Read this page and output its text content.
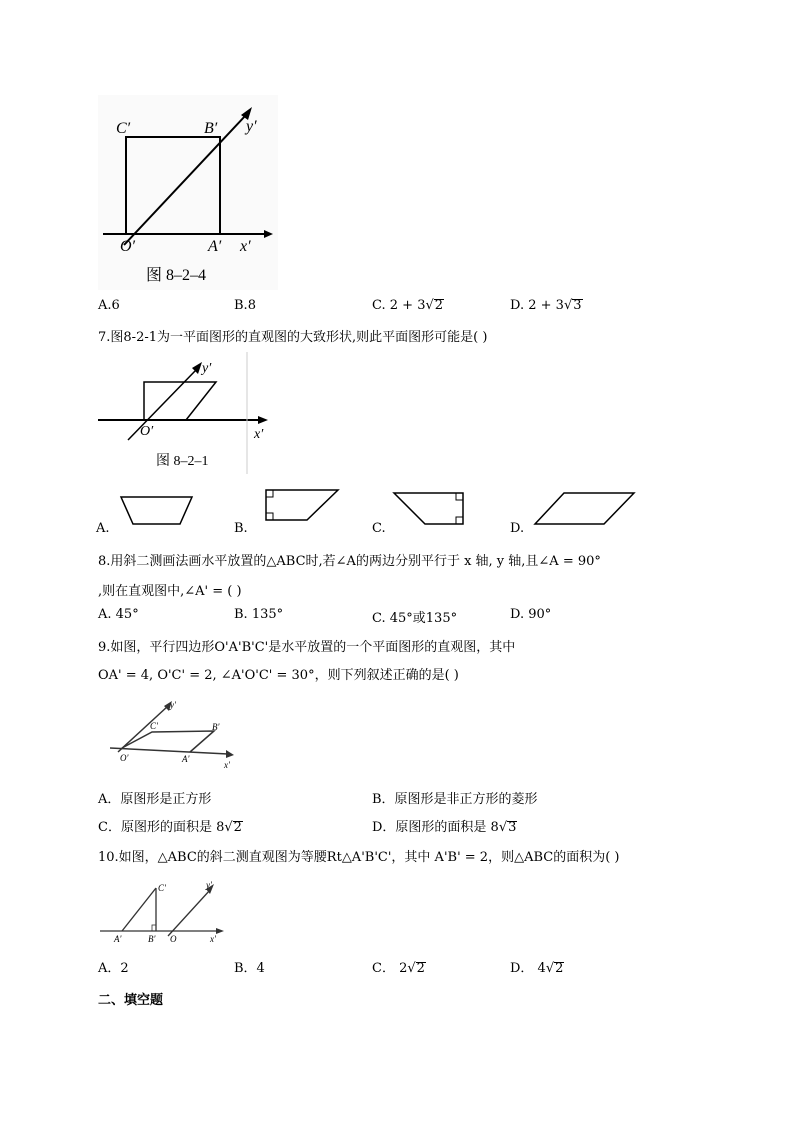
C′	B′ y′
O′	A′ x′
图 8–2–4
A.6	B.8	C. 2 + 3√2	D. 2 + 3√3
7.图8-2-1为一平面图形的直观图的大致形状,则此平面图形可能是( )
y′
O′	x′
图 8–2–1
A.	B.	C.	D.
8.用斜二测画法画水平放置的△ABC时,若∠A的两边分别平行于 x 轴, y 轴,且∠A = 90°
,则在直观图中,∠A' = ( )
A. 45°	B. 135°	C. 45°或135°	D. 90°
9.如图，平行四边形O'A'B'C'是水平放置的一个平面图形的直观图，其中
OA' = 4, O'C' = 2, ∠A'O'C' = 30°，则下列叙述正确的是( )
y'
C'	B'
O'	A'
x'
A．原图形是正方形	B．原图形是非正方形的菱形
C．原图形的面积是 8√2	D．原图形的面积是 8√3
10.如图，△ABC的斜二测直观图为等腰Rt△A'B'C'，其中 A'B' = 2，则△ABC的面积为( )
C'	y'
A'	B' O	x'
A．2	B．4	C． 2√2	D． 4√2
二、填空题
